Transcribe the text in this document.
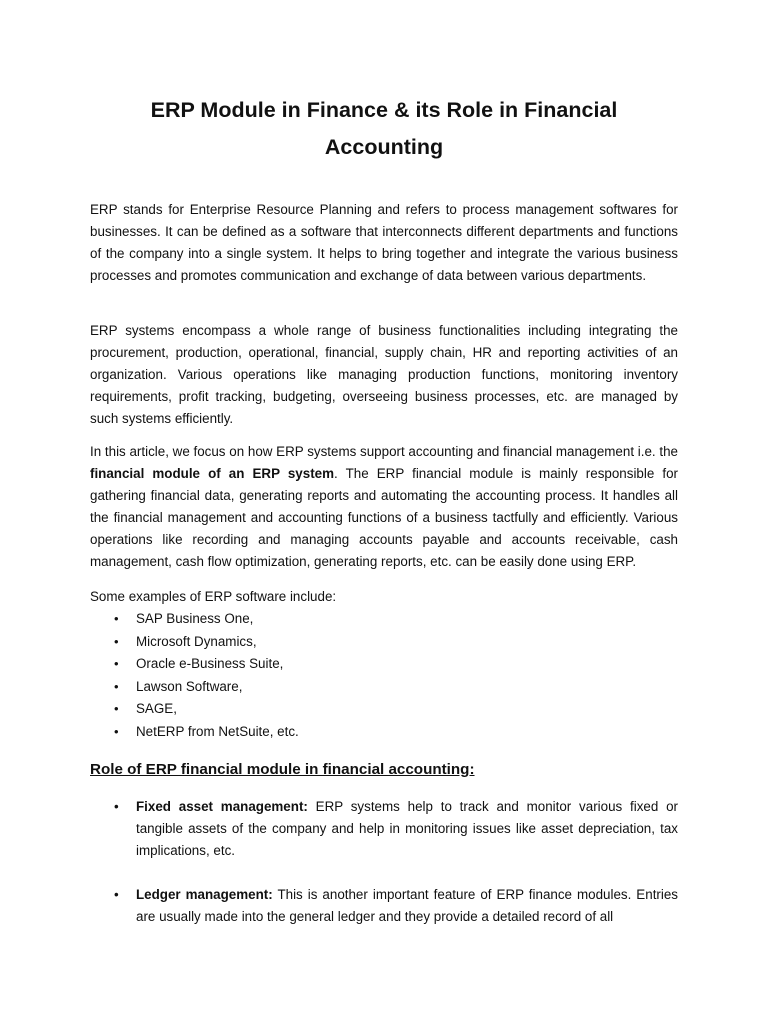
ERP Module in Finance & its Role in Financial Accounting

ERP stands for Enterprise Resource Planning and refers to process management softwares for businesses. It can be defined as a software that interconnects different departments and functions of the company into a single system. It helps to bring together and integrate the various business processes and promotes communication and exchange of data between various departments.

ERP systems encompass a whole range of business functionalities including integrating the procurement, production, operational, financial, supply chain, HR and reporting activities of an organization. Various operations like managing production functions, monitoring inventory requirements, profit tracking, budgeting, overseeing business processes, etc. are managed by such systems efficiently.

In this article, we focus on how ERP systems support accounting and financial management i.e. the financial module of an ERP system. The ERP financial module is mainly responsible for gathering financial data, generating reports and automating the accounting process. It handles all the financial management and accounting functions of a business tactfully and efficiently. Various operations like recording and managing accounts payable and accounts receivable, cash management, cash flow optimization, generating reports, etc. can be easily done using ERP.

Some examples of ERP software include:

• SAP Business One,
• Microsoft Dynamics,
• Oracle e-Business Suite,
• Lawson Software,
• SAGE,
• NetERP from NetSuite, etc.
Role of ERP financial module in financial accounting:
• Fixed asset management: ERP systems help to track and monitor various fixed or tangible assets of the company and help in monitoring issues like asset depreciation, tax implications, etc.
• Ledger management: This is another important feature of ERP finance modules. Entries are usually made into the general ledger and they provide a detailed record of all
